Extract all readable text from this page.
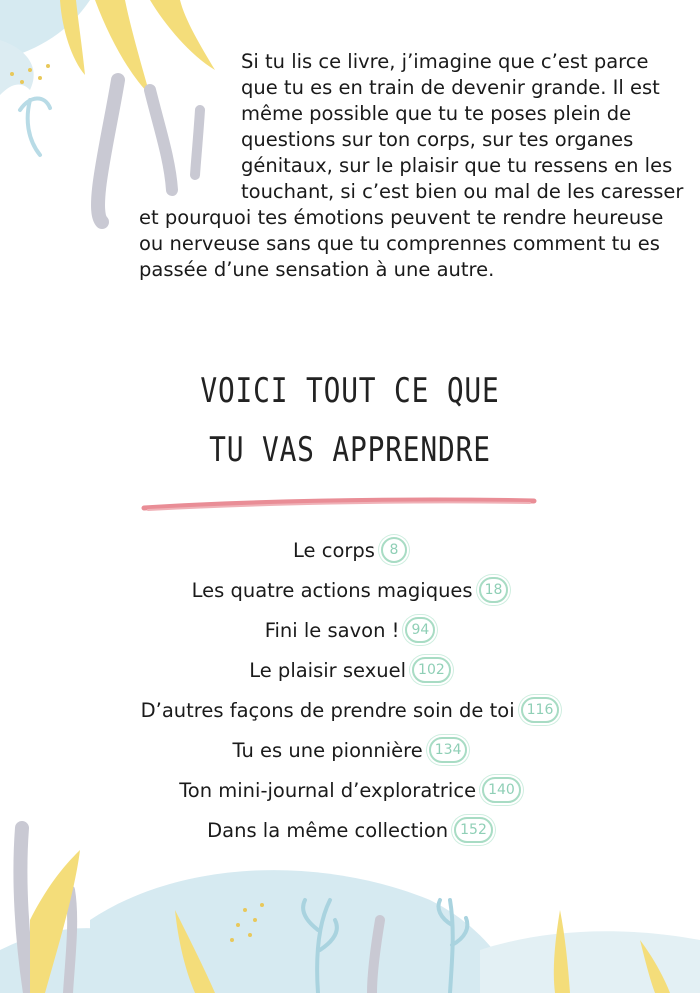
Si tu lis ce livre, j’imagine que c’est parce
que tu es en train de devenir grande. Il est
même possible que tu te poses plein de
questions sur ton corps, sur tes organes
génitaux, sur le plaisir que tu ressens en les
touchant, si c’est bien ou mal de les caresser
et pourquoi tes émotions peuvent te rendre heureuse
ou nerveuse sans que tu comprennes comment tu es
passée d’une sensation à une autre.
VOICI TOUT CE QUE
TU VAS APPRENDRE
Le corps 8
Les quatre actions magiques 18
Fini le savon ! 94
Le plaisir sexuel 102
D’autres façons de prendre soin de toi 116
Tu es une pionnière 134
Ton mini-journal d’exploratrice 140
Dans la même collection 152
